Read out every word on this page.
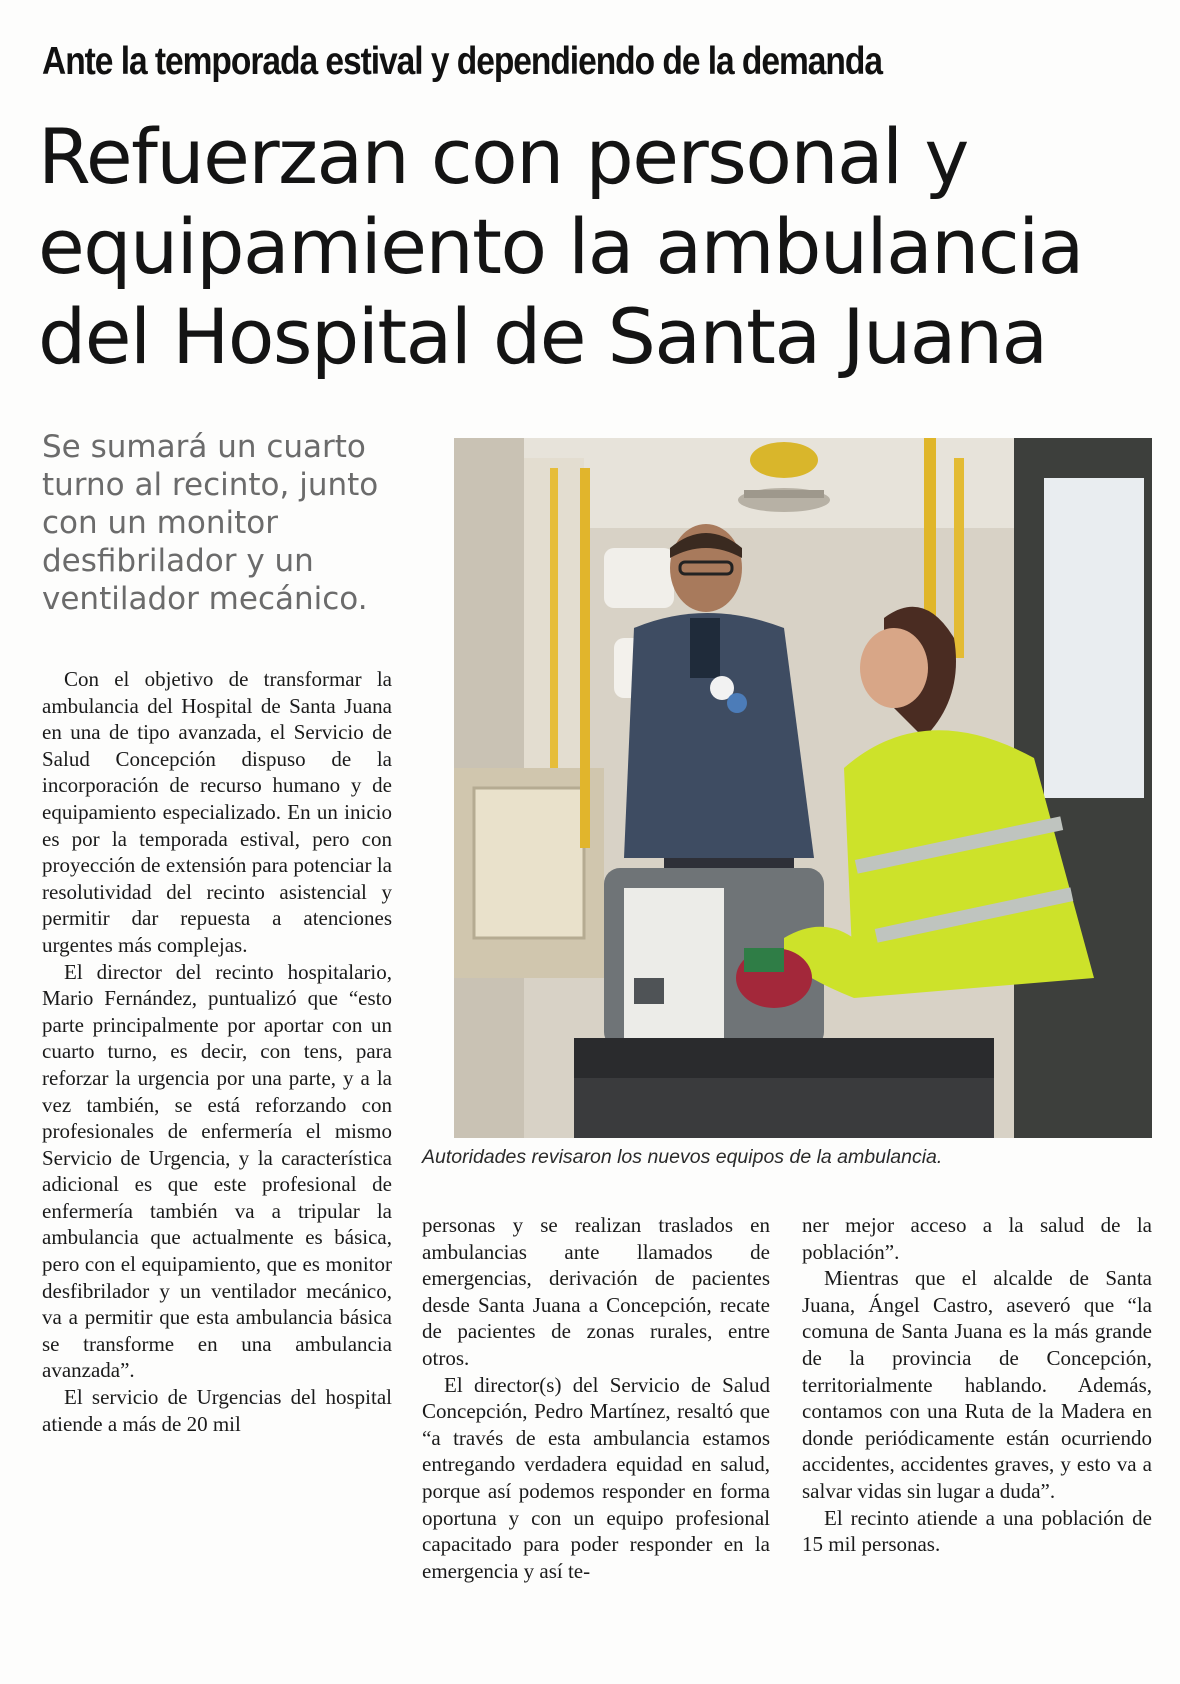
Ante la temporada estival y dependiendo de la demanda
Refuerzan con personal y
equipamiento la ambulancia
del Hospital de Santa Juana
Se sumará un cuarto
turno al recinto, junto
con un monitor
desfibrilador y un
ventilador mecánico.

Con el objetivo de transformar la ambulancia del Hospital de Santa Juana en una de tipo avanzada, el Servicio de Salud Concepción dispuso de la incorporación de recurso humano y de equipamiento especializado. En un inicio es por la temporada estival, pero con proyección de extensión para potenciar la resolutividad del recinto asistencial y permitir dar repuesta a atenciones urgentes más complejas.

El director del recinto hospitalario, Mario Fernández, puntualizó que “esto parte principalmente por aportar con un cuarto turno, es decir, con tens, para reforzar la urgencia por una parte, y a la vez también, se está reforzando con profesionales de enfermería el mismo Servicio de Urgencia, y la característica adicional es que este profesional de enfermería también va a tripular la ambulancia que actualmente es básica, pero con el equipamiento, que es monitor desfibrilador y un ventilador mecánico, va a permitir que esta ambulancia básica se transforme en una ambulancia avanzada”.

El servicio de Urgencias del hospital atiende a más de 20 mil

Autoridades revisaron los nuevos equipos de la ambulancia.

personas y se realizan traslados en ambulancias ante llamados de emergencias, derivación de pacientes desde Santa Juana a Concepción, recate de pacientes de zonas rurales, entre otros.

El director(s) del Servicio de Salud Concepción, Pedro Martínez, resaltó que “a través de esta ambulancia estamos entregando verdadera equidad en salud, porque así podemos responder en forma oportuna y con un equipo profesional capacitado para poder responder en la emergencia y así te-

ner mejor acceso a la salud de la población”.

Mientras que el alcalde de Santa Juana, Ángel Castro, aseveró que “la comuna de Santa Juana es la más grande de la provincia de Concepción, territorialmente hablando. Además, contamos con una Ruta de la Madera en donde periódicamente están ocurriendo accidentes, accidentes graves, y esto va a salvar vidas sin lugar a duda”.

El recinto atiende a una población de 15 mil personas.
